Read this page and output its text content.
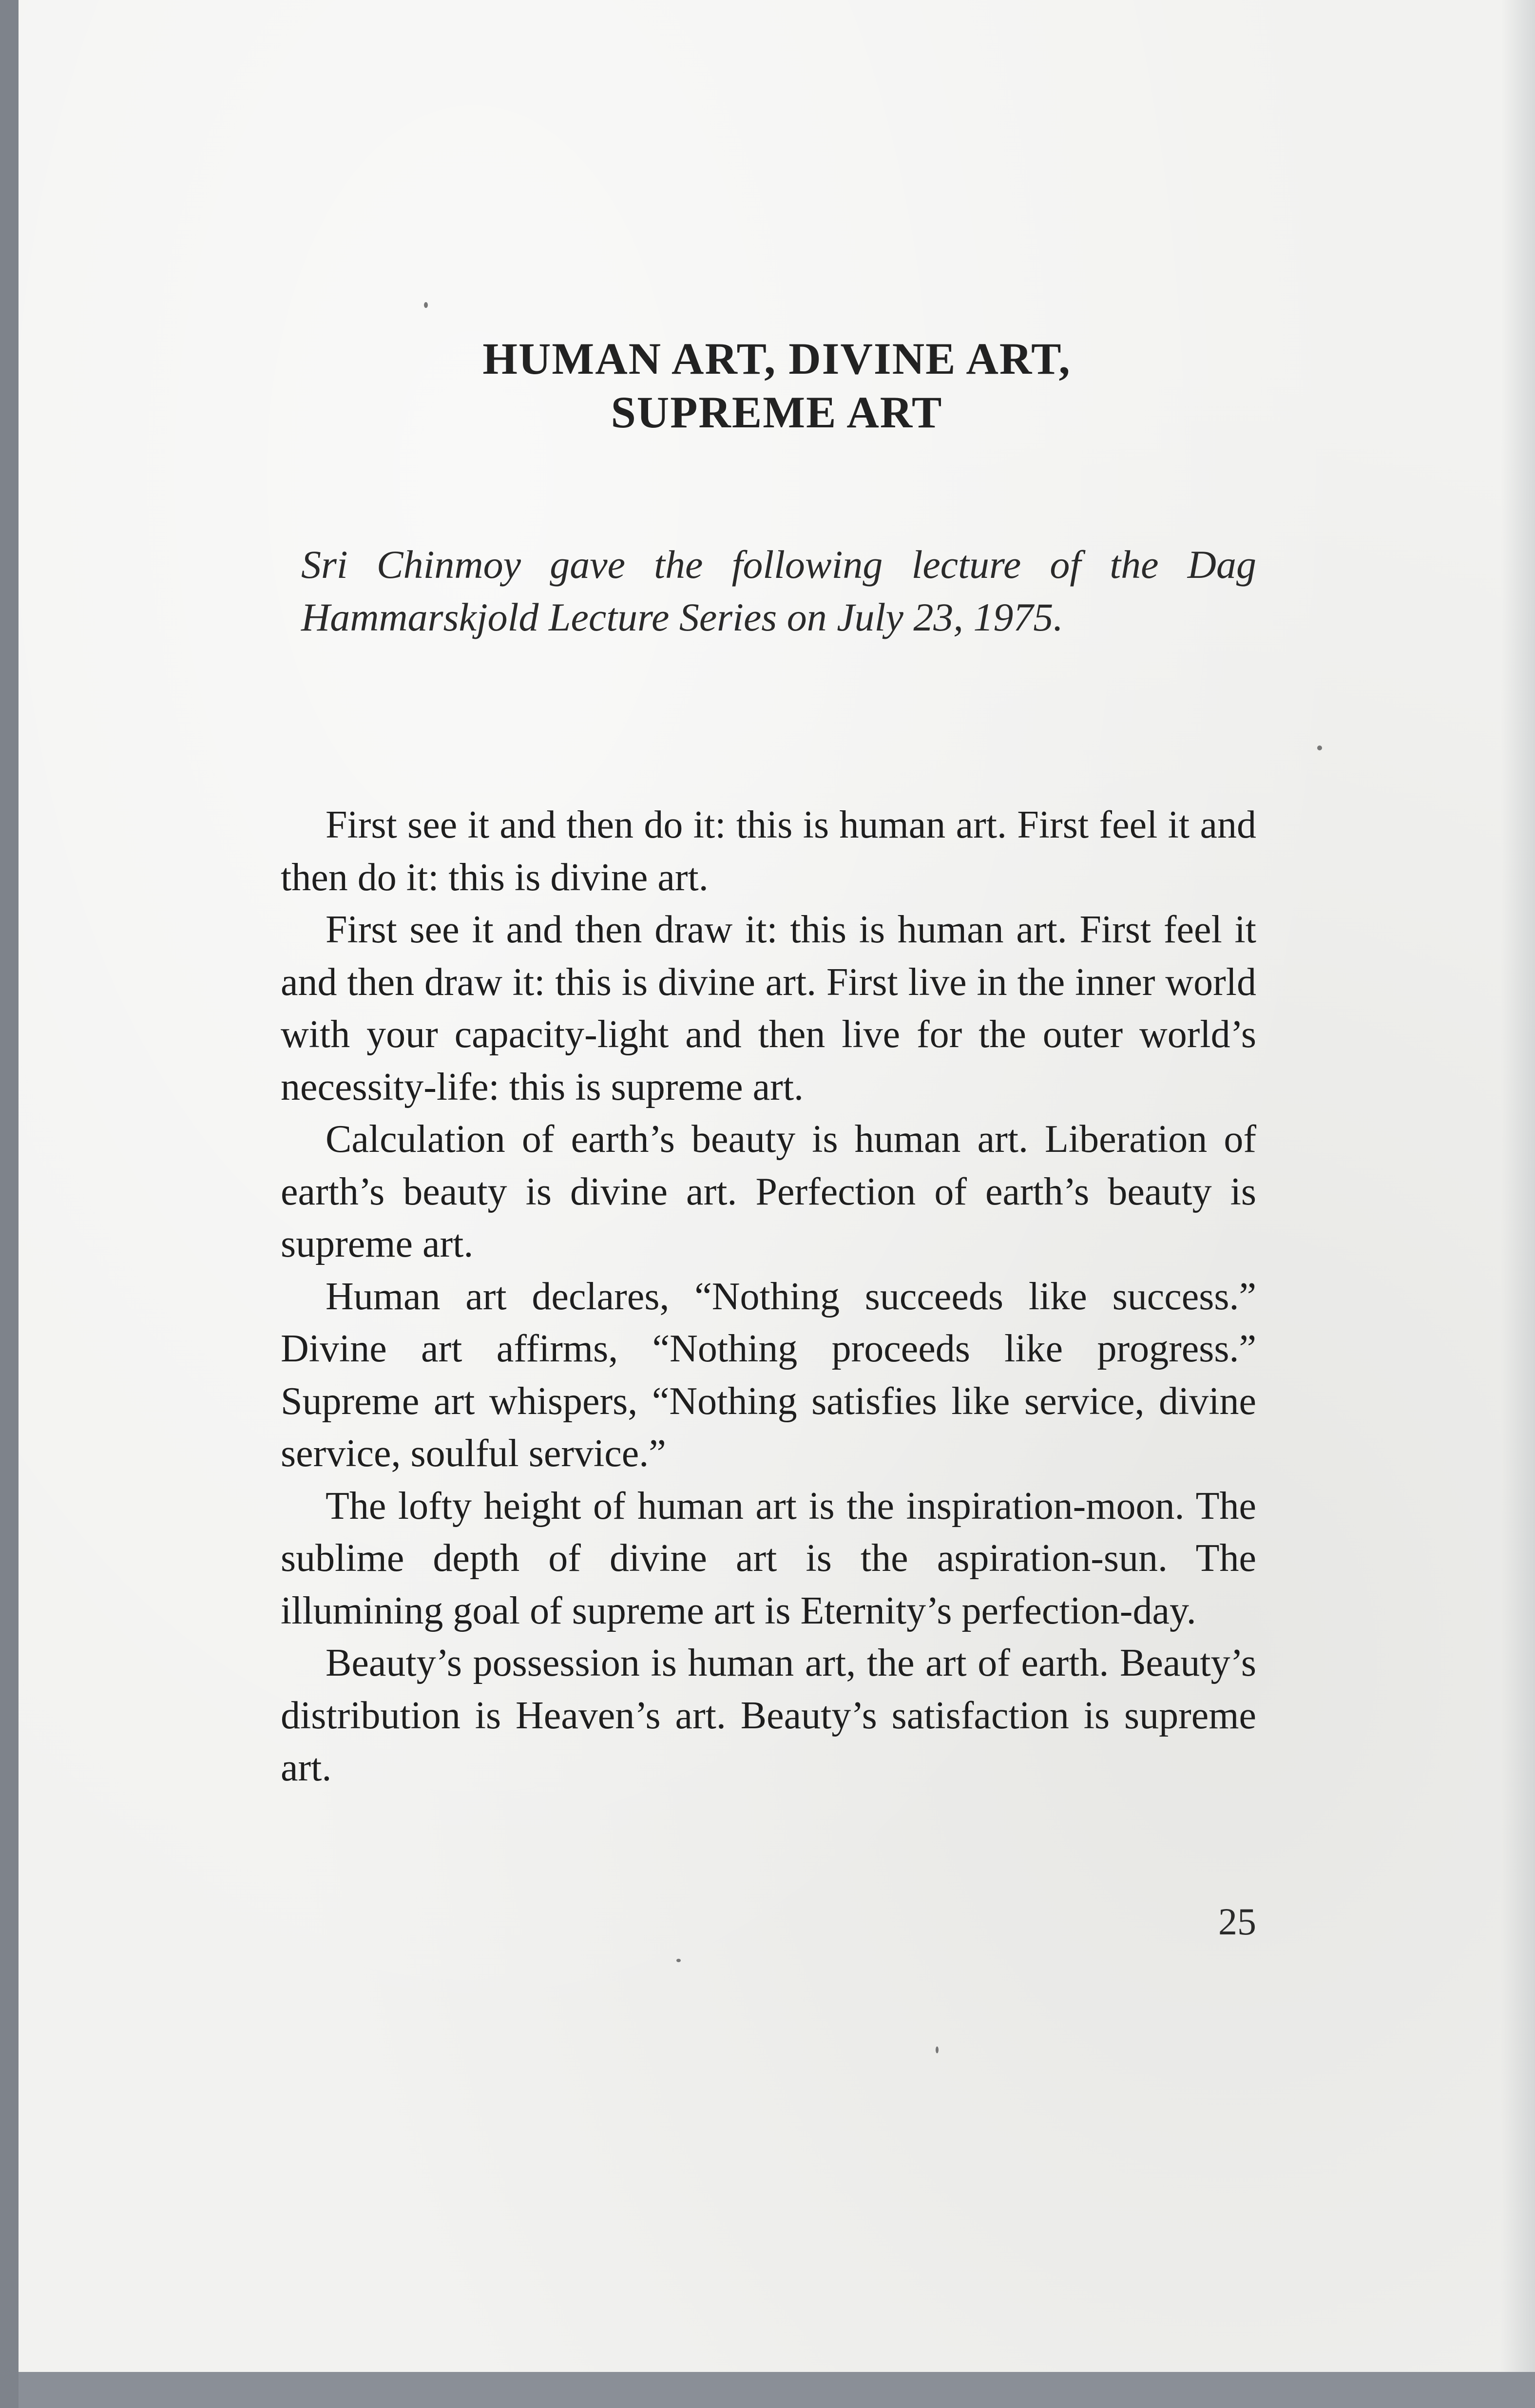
HUMAN ART, DIVINE ART,
SUPREME ART

Sri Chinmoy gave the following lecture of the Dag Hammarskjold Lecture Series on July 23, 1975.

First see it and then do it: this is human art. First feel it and then do it: this is divine art.

First see it and then draw it: this is human art. First feel it and then draw it: this is divine art. First live in the inner world with your capacity-light and then live for the outer world’s necessity-life: this is supreme art.

Calculation of earth’s beauty is human art. Liberation of earth’s beauty is divine art. Perfection of earth’s beauty is supreme art.

Human art declares, “Nothing succeeds like success.” Divine art affirms, “Nothing proceeds like progress.” Supreme art whispers, “Nothing satisfies like service, divine service, soulful service.”

The lofty height of human art is the inspiration-moon. The sublime depth of divine art is the aspiration-sun. The illumining goal of supreme art is Eternity’s perfection-day.

Beauty’s possession is human art, the art of earth. Beauty’s distribution is Heaven’s art. Beauty’s satisfaction is supreme art.

25
